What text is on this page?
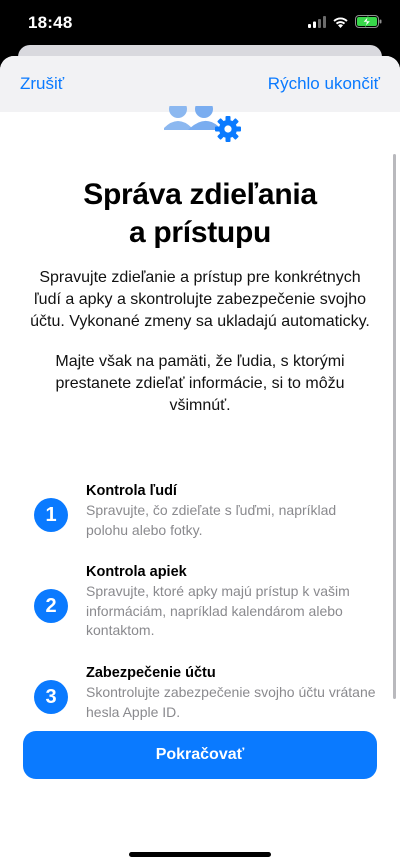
18:48
Zrušiť	Rýchlo ukončiť
Správa zdieľania
a prístupu

Spravujte zdieľanie a prístup pre konkrétnych ľudí a apky a skontrolujte zabezpečenie svojho účtu. Vykonané zmeny sa ukladajú automaticky.

Majte však na pamäti, že ľudia, s ktorými prestanete zdieľať informácie, si to môžu všimnúť.

1
Kontrola ľudí
Spravujte, čo zdieľate s ľuďmi, napríklad polohu alebo fotky.
2
Kontrola apiek
Spravujte, ktoré apky majú prístup k vašim informáciám, napríklad kalendárom alebo kontaktom.
3
Zabezpečenie účtu
Skontrolujte zabezpečenie svojho účtu vrátane hesla Apple ID.
Pokračovať
